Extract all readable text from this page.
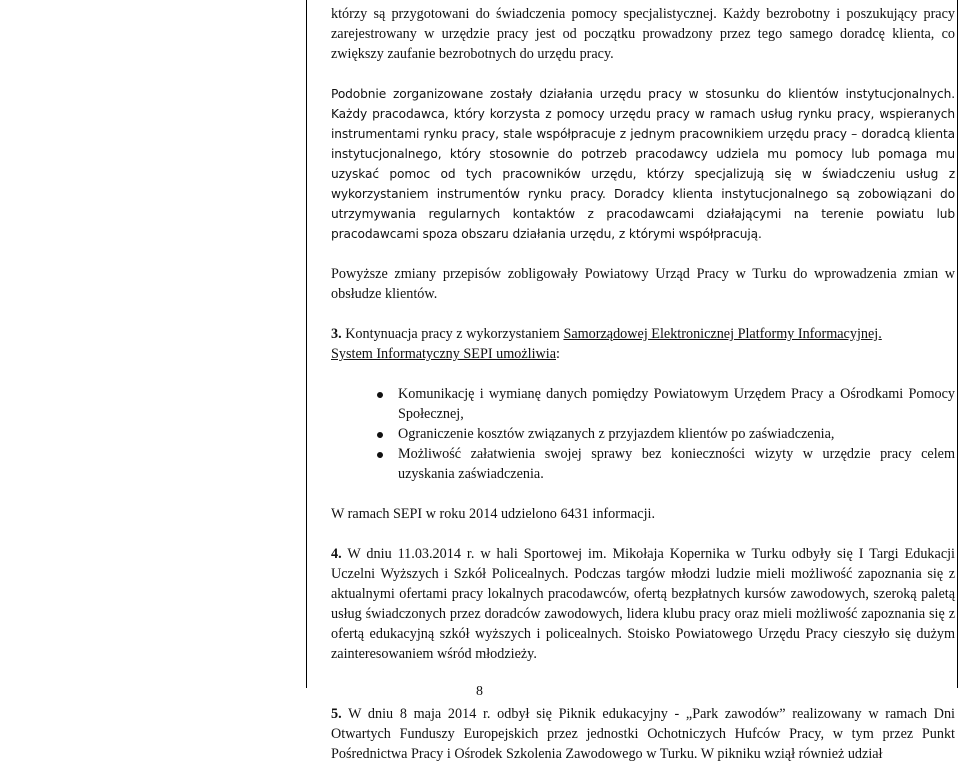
którzy są przygotowani do świadczenia pomocy specjalistycznej. Każdy bezrobotny i poszukujący pracy zarejestrowany w urzędzie pracy jest od początku prowadzony przez tego samego doradcę klienta, co zwiększy zaufanie bezrobotnych do urzędu pracy.

Podobnie zorganizowane zostały działania urzędu pracy w stosunku do klientów instytucjonalnych. Każdy pracodawca, który korzysta z pomocy urzędu pracy w ramach usług rynku pracy, wspieranych instrumentami rynku pracy, stale współpracuje z jednym pracownikiem urzędu pracy – doradcą klienta instytucjonalnego, który stosownie do potrzeb pracodawcy udziela mu pomocy lub pomaga mu uzyskać pomoc od tych pracowników urzędu, którzy specjalizują się w świadczeniu usług z wykorzystaniem instrumentów rynku pracy. Doradcy klienta instytucjonalnego są zobowiązani do utrzymywania regularnych kontaktów z pracodawcami działającymi na terenie powiatu lub pracodawcami spoza obszaru działania urzędu, z którymi współpracują.

Powyższe zmiany przepisów zobligowały Powiatowy Urząd Pracy w Turku do wprowadzenia zmian w obsłudze klientów.

3. Kontynuacja pracy z wykorzystaniem Samorządowej Elektronicznej Platformy Informacyjnej.

System Informatyczny SEPI umożliwia:

Komunikację i wymianę danych pomiędzy Powiatowym Urzędem Pracy a Ośrodkami Pomocy Społecznej,
Ograniczenie kosztów związanych z przyjazdem klientów po zaświadczenia,
Możliwość załatwienia swojej sprawy bez konieczności wizyty w urzędzie pracy celem uzyskania zaświadczenia.

W ramach SEPI w roku 2014 udzielono 6431 informacji.

4. W dniu 11.03.2014 r. w hali Sportowej im. Mikołaja Kopernika w Turku odbyły się I Targi Edukacji Uczelni Wyższych i Szkół Policealnych. Podczas targów młodzi ludzie mieli możliwość zapoznania się z aktualnymi ofertami pracy lokalnych pracodawców, ofertą bezpłatnych kursów zawodowych, szeroką paletą usług świadczonych przez doradców zawodowych, lidera klubu pracy oraz mieli możliwość zapoznania się z ofertą edukacyjną szkół wyższych i policealnych. Stoisko Powiatowego Urzędu Pracy cieszyło się dużym zainteresowaniem wśród młodzieży.

5. W dniu 8 maja 2014 r. odbył się Piknik edukacyjny - „Park zawodów” realizowany w ramach Dni Otwartych Funduszy Europejskich przez jednostki Ochotniczych Hufców Pracy, w tym przez Punkt Pośrednictwa Pracy i Ośrodek Szkolenia Zawodowego w Turku. W pikniku wziął również udział

8
